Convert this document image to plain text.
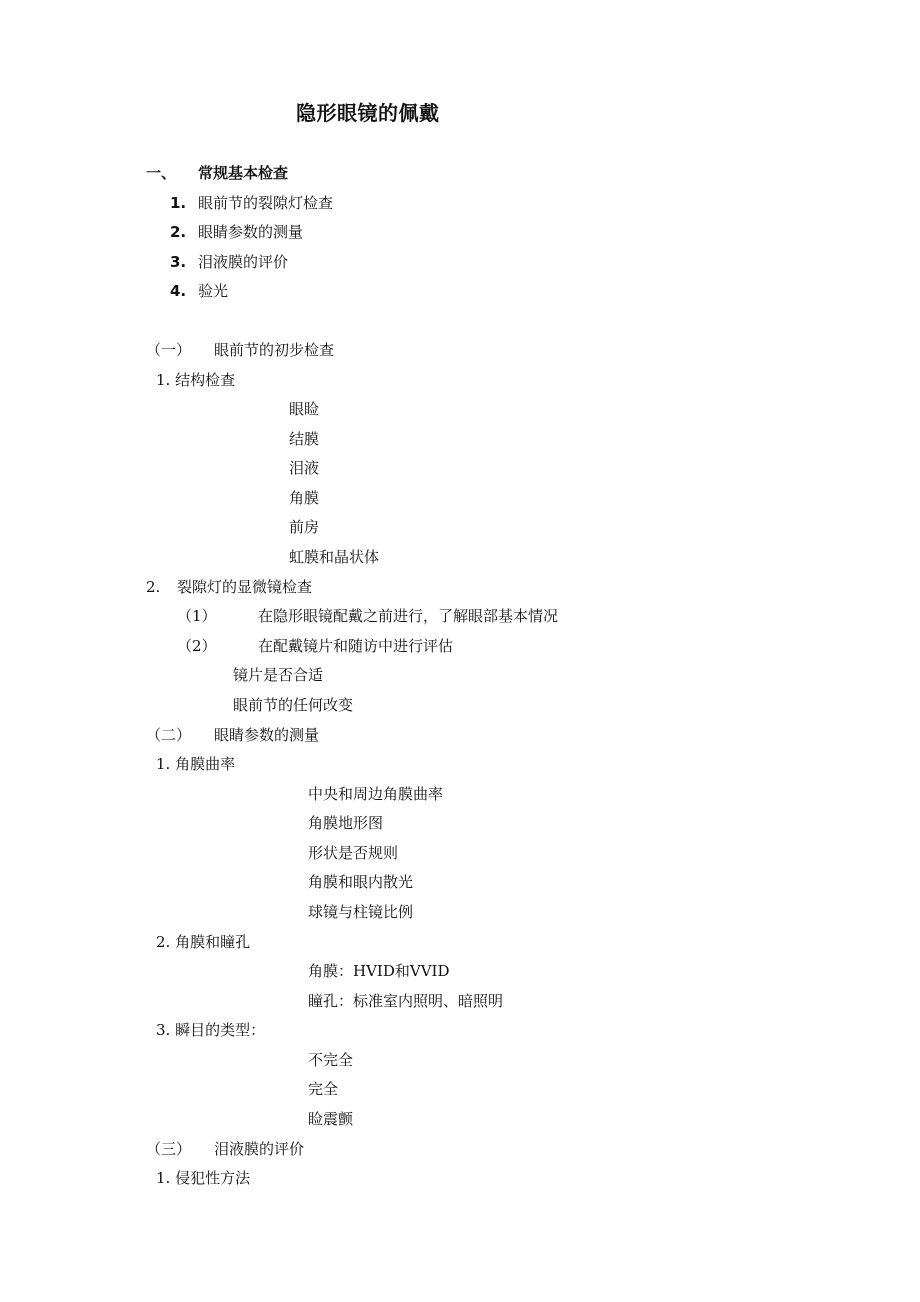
隐形眼镜的佩戴
一、 常规基本检查
1. 眼前节的裂隙灯检查
2. 眼睛参数的测量
3. 泪液膜的评价
4. 验光
（一） 眼前节的初步检查
1. 结构检查
眼睑
结膜
泪液
角膜
前房
虹膜和晶状体
2. 裂隙灯的显微镜检查
（1）	在隐形眼镜配戴之前进行，了解眼部基本情况
（2）	在配戴镜片和随访中进行评估
镜片是否合适
眼前节的任何改变
（二） 眼睛参数的测量
1. 角膜曲率
中央和周边角膜曲率
角膜地形图
形状是否规则
角膜和眼内散光
球镜与柱镜比例
2. 角膜和瞳孔
角膜：HVID和VVID
瞳孔：标准室内照明、暗照明
3. 瞬目的类型：
不完全
完全
睑震颤
（三） 泪液膜的评价
1. 侵犯性方法
